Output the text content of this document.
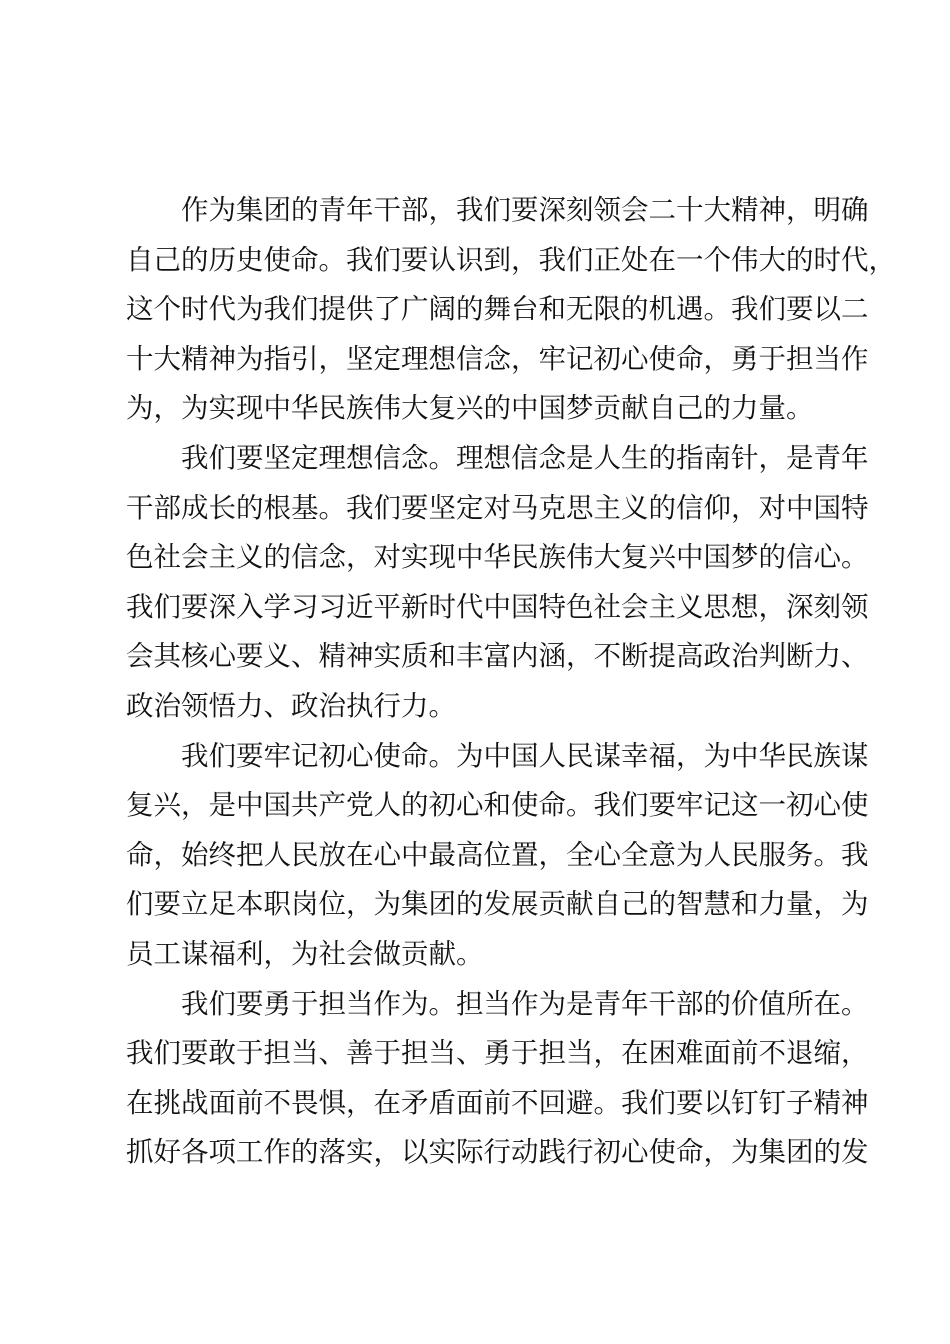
　　作为集团的青年干部，我们要深刻领会二十大精神，明确
自己的历史使命。我们要认识到，我们正处在一个伟大的时代，
这个时代为我们提供了广阔的舞台和无限的机遇。我们要以二
十大精神为指引，坚定理想信念，牢记初心使命，勇于担当作
为，为实现中华民族伟大复兴的中国梦贡献自己的力量。
　　我们要坚定理想信念。理想信念是人生的指南针，是青年
干部成长的根基。我们要坚定对马克思主义的信仰，对中国特
色社会主义的信念，对实现中华民族伟大复兴中国梦的信心。
我们要深入学习习近平新时代中国特色社会主义思想，深刻领
会其核心要义、精神实质和丰富内涵，不断提高政治判断力、
政治领悟力、政治执行力。
　　我们要牢记初心使命。为中国人民谋幸福，为中华民族谋
复兴，是中国共产党人的初心和使命。我们要牢记这一初心使
命，始终把人民放在心中最高位置，全心全意为人民服务。我
们要立足本职岗位，为集团的发展贡献自己的智慧和力量，为
员工谋福利，为社会做贡献。
　　我们要勇于担当作为。担当作为是青年干部的价值所在。
我们要敢于担当、善于担当、勇于担当，在困难面前不退缩，
在挑战面前不畏惧，在矛盾面前不回避。我们要以钉钉子精神
抓好各项工作的落实，以实际行动践行初心使命，为集团的发
